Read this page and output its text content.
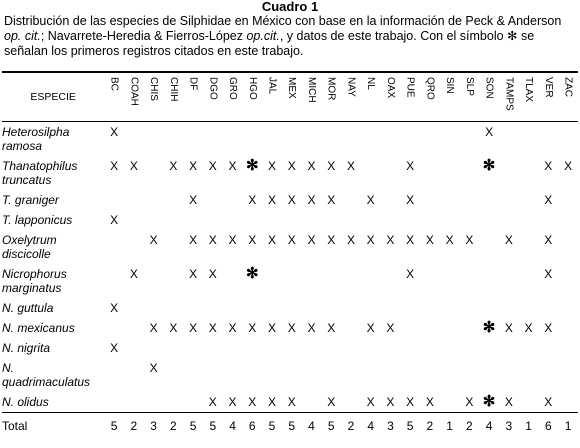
Cuadro 1
Distribución de las especies de Silphidae en México con base en la información de Peck & Anderson op. cit.; Navarrete-Heredia & Fierros-López op.cit., y datos de este trabajo. Con el símbolo ✻ se señalan los primeros registros citados en este trabajo.

ESPECIE	BC	COAH	CHIS	CHIH	DF	DGO	GRO	HGO	JAL	MEX	MICH	MOR	NAY	NL	OAX	PUE	QRO	SIN	SLP	SON	TAMPS	TLAX	VER	ZAC

Heterosilpha ramosa	X																			X				
Thanatophilus truncatus	X	X		X	X	X	X	✻	X	X	X	X	X			X				✻			X	X
T. graniger					X			X	X	X	X	X		X		X							X	
T. lapponicus	X																							
Oxelytrum discicolle			X		X	X	X	X	X	X	X	X	X	X	X	X	X	X	X		X		X	
Nicrophorus marginatus		X			X	X		✻								X							X	
N. guttula	X																							
N. mexicanus			X	X	X	X	X	X	X	X	X	X		X	X					✻	X	X	X	
N. nigrita	X																							
N. quadrimaculatus			X																					
N. olidus						X	X	X	X	X		X		X	X	X	X		X	✻	X		X	
Total	5	2	3	2	5	5	4	6	5	5	4	5	2	4	3	5	2	1	2	4	3	1	6	1
